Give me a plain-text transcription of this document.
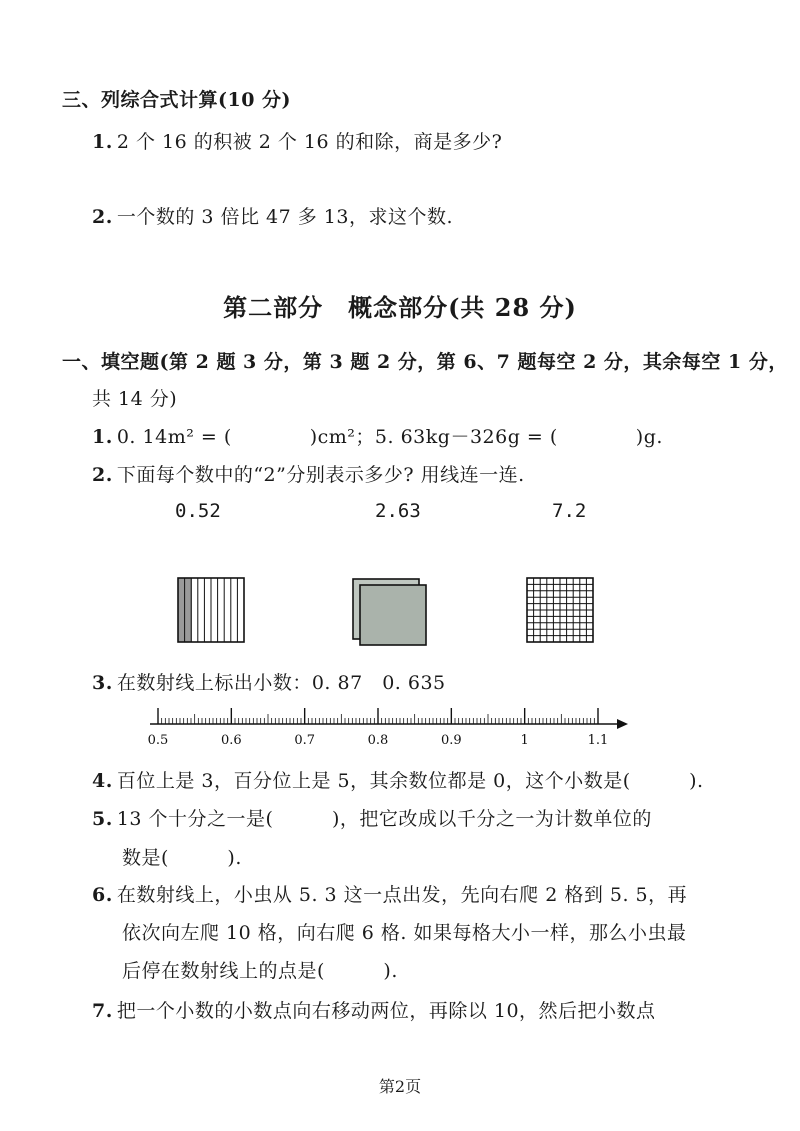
三、列综合式计算(10 分)
1. 2 个 16 的积被 2 个 16 的和除，商是多少?
2. 一个数的 3 倍比 47 多 13，求这个数.
第二部分　概念部分(共 28 分)
一、填空题(第 2 题 3 分，第 3 题 2 分，第 6、7 题每空 2 分，其余每空 1 分，
共 14 分)
1. 0. 14m² = (　　　　)cm²；5. 63kg－326g = (　　　　)g.
2. 下面每个数中的“2”分别表示多少? 用线连一连.
0.52	2.63	7.2
3. 在数射线上标出小数：0. 87　0. 635
0.5	0.6	0.7	0.8	0.9	1	1.1
4. 百位上是 3，百分位上是 5，其余数位都是 0，这个小数是(　　　).
5. 13 个十分之一是(　　　)，把它改成以千分之一为计数单位的
数是(　　　).
6. 在数射线上，小虫从 5. 3 这一点出发，先向右爬 2 格到 5. 5，再
依次向左爬 10 格，向右爬 6 格. 如果每格大小一样，那么小虫最
后停在数射线上的点是(　　　).
7. 把一个小数的小数点向右移动两位，再除以 10，然后把小数点
第2页
